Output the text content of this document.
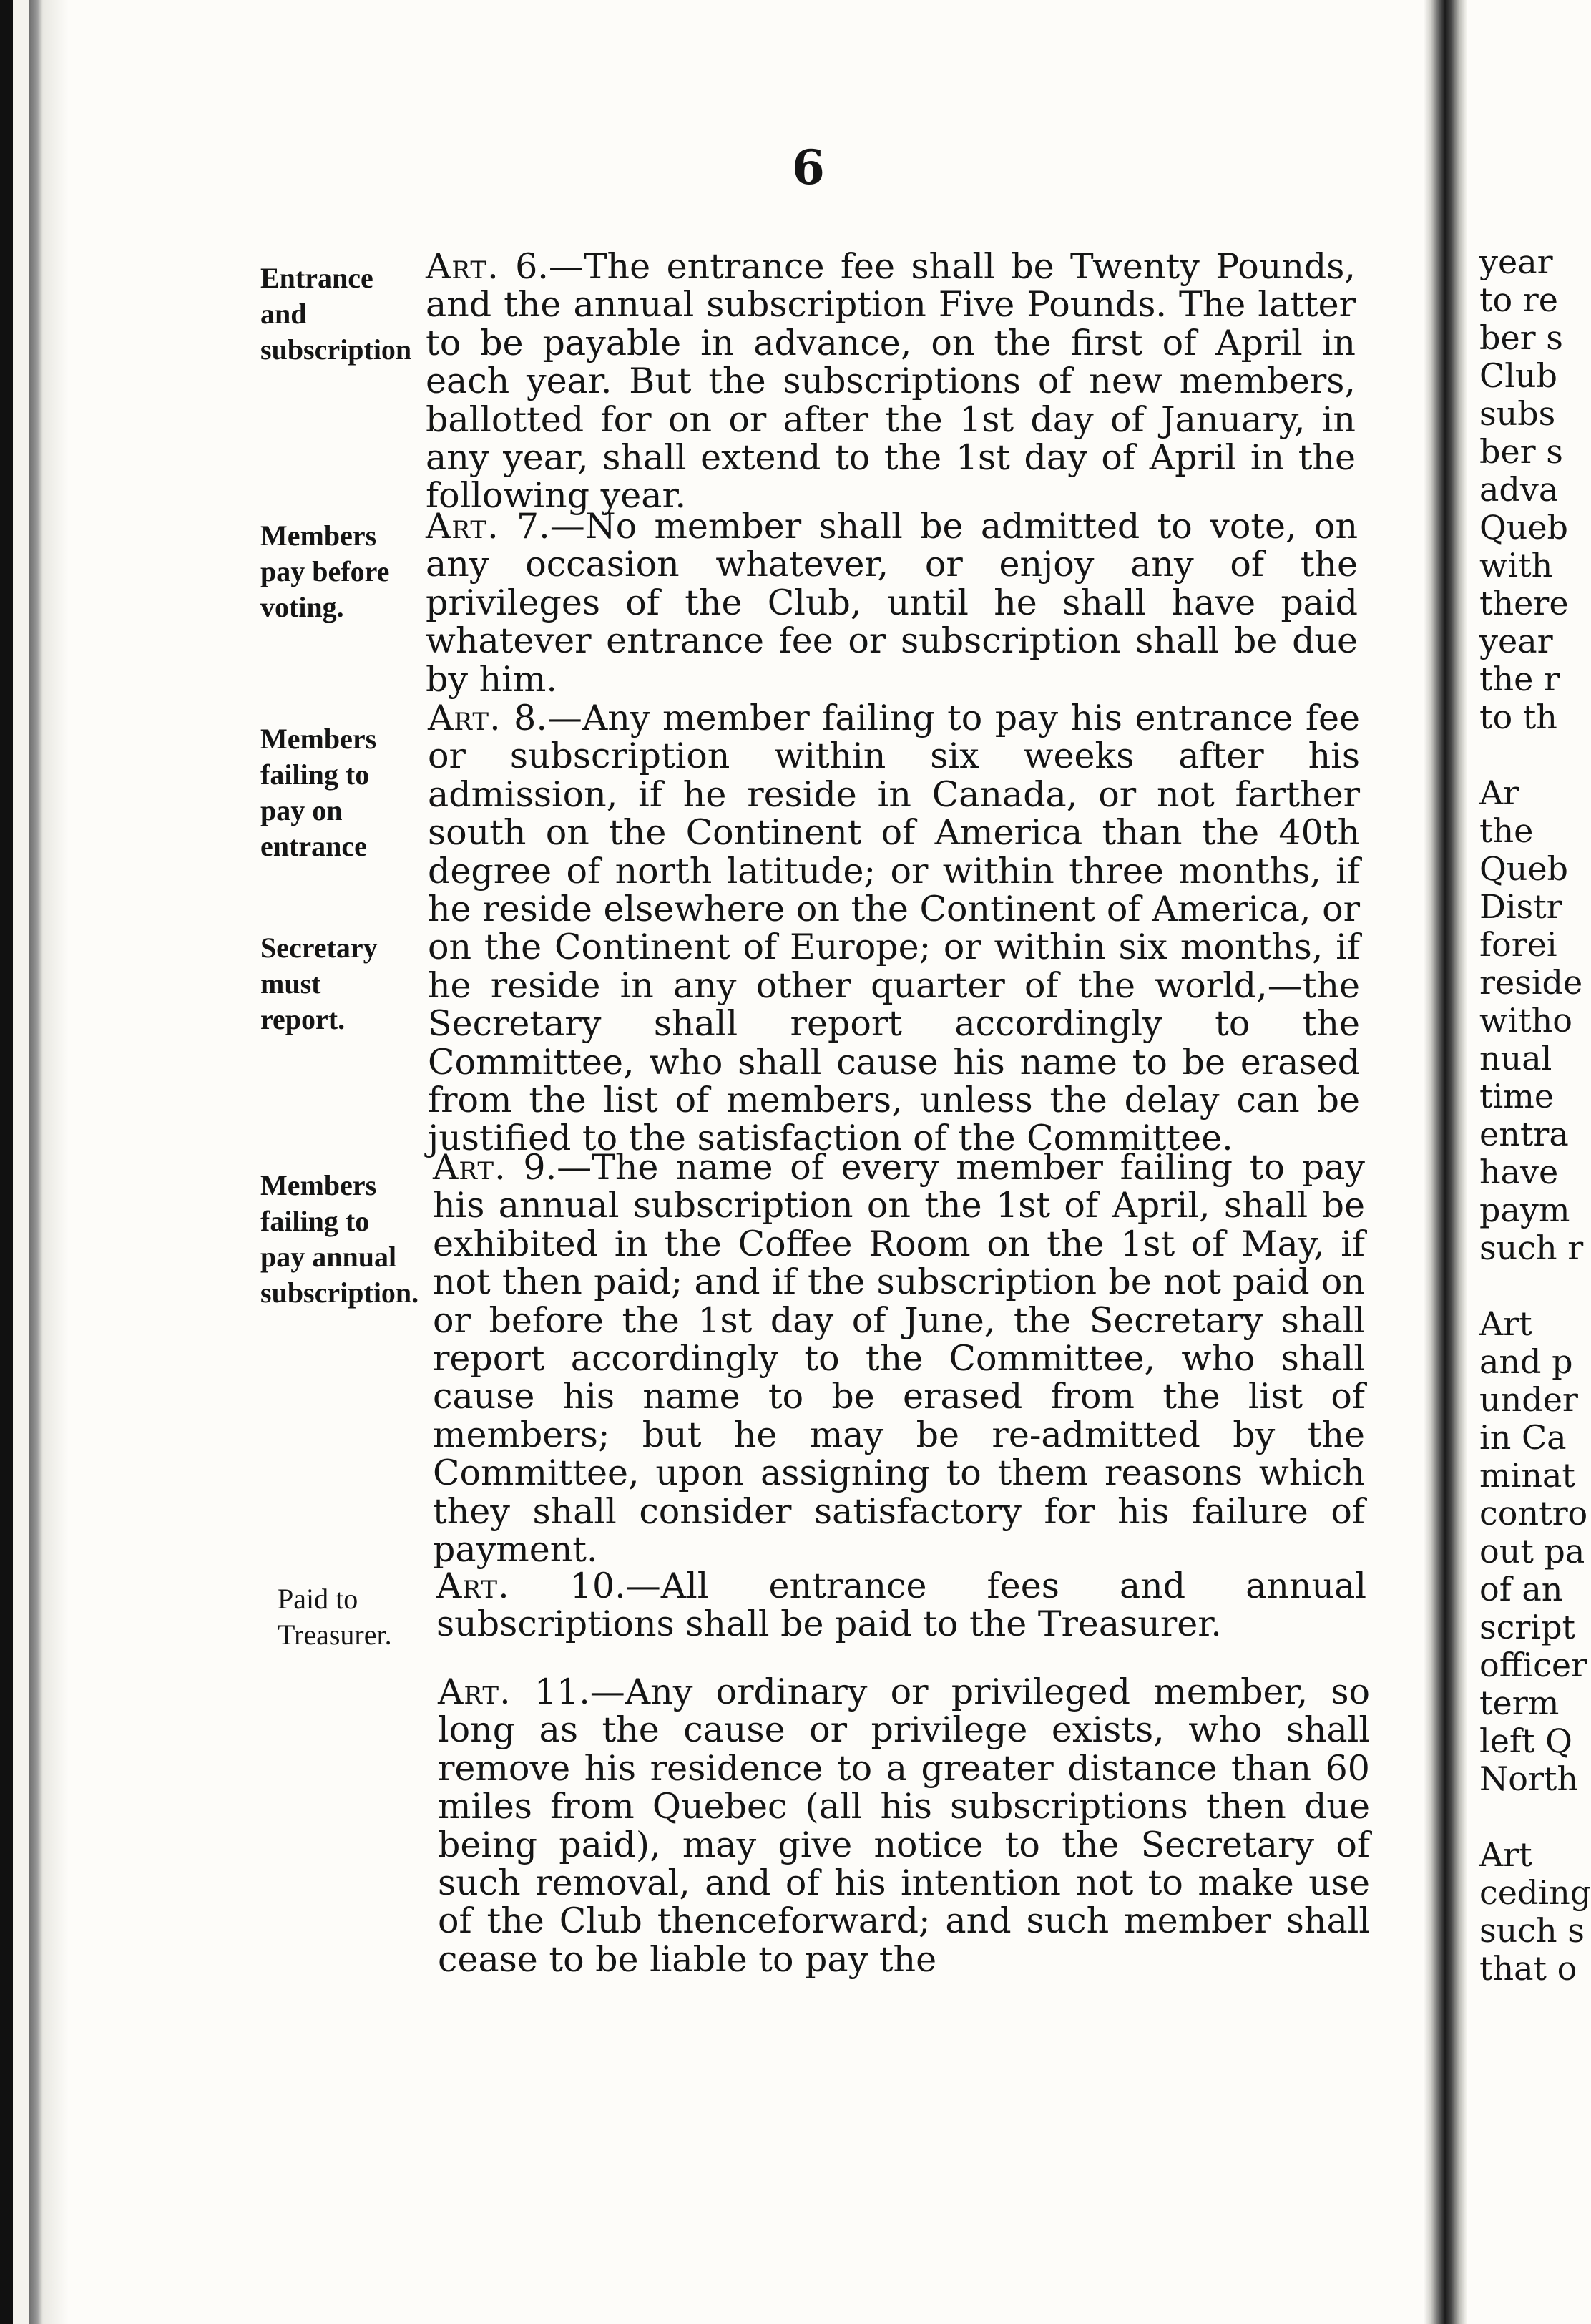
6

Art. 6.—The entrance fee shall be Twenty Pounds, and the annual subscription Five Pounds. The latter to be payable in advance, on the first of April in each year. But the subscriptions of new members, ballotted for on or after the 1st day of January, in any year, shall extend to the 1st day of April in the following year.

Art. 7.—No member shall be admitted to vote, on any occasion whatever, or enjoy any of the privileges of the Club, until he shall have paid whatever entrance fee or subscription shall be due by him.

Art. 8.—Any member failing to pay his entrance fee or subscription within six weeks after his admission, if he reside in Canada, or not farther south on the Continent of America than the 40th degree of north latitude; or within three months, if he reside elsewhere on the Continent of America, or on the Continent of Europe; or within six months, if he reside in any other quarter of the world,—the Secretary shall report accordingly to the Committee, who shall cause his name to be erased from the list of members, unless the delay can be justified to the satisfaction of the Committee.

Art. 9.—The name of every member failing to pay his annual subscription on the 1st of April, shall be exhibited in the Coffee Room on the 1st of May, if not then paid; and if the subscription be not paid on or before the 1st day of June, the Secretary shall report accordingly to the Committee, who shall cause his name to be erased from the list of members; but he may be re-admitted by the Committee, upon assigning to them reasons which they shall consider satisfactory for his failure of payment.

Art. 10.—All entrance fees and annual subscriptions shall be paid to the Treasurer.

Art. 11.—Any ordinary or privileged member, so long as the cause or privilege exists, who shall remove his residence to a greater distance than 60 miles from Quebec (all his subscriptions then due being paid), may give notice to the Secretary of such removal, and of his intention not to make use of the Club thenceforward; and such member shall cease to be liable to pay the

Entrance and subscription

Members pay before voting.

Members failing to pay on entrance

Secretary must report.

Members failing to pay annual subscription.

Paid to Treasurer.

year
to re
ber s
Club
subs
ber s
adva
Queb
with
there
year
the r
to th
Ar
the
Queb
Distr
forei
reside
witho
nual
time
entra
have
paym
such r
Art
and p
under
in Ca
minat
contro
out pa
of an
script
officer
term
left Q
North
Art
ceding
such s
that o
